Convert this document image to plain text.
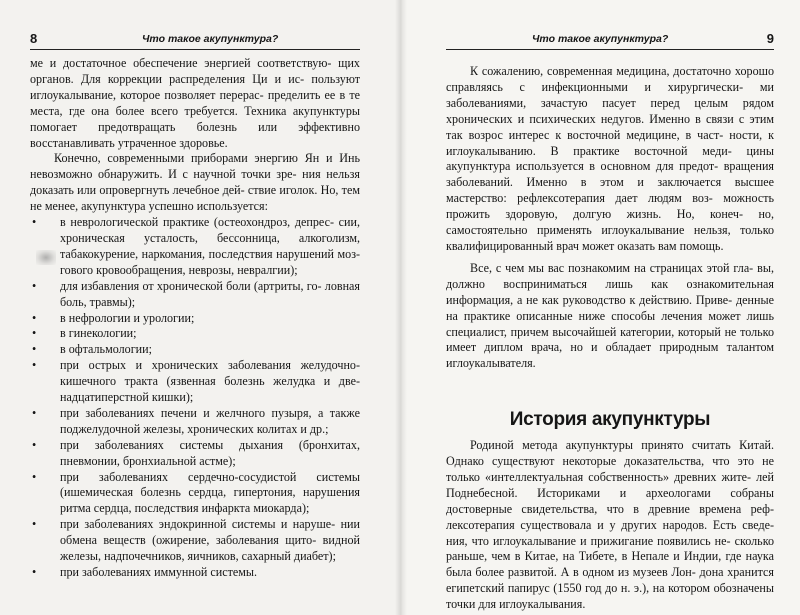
8	Что такое акупунктура?

ме и достаточное обеспечение энергией соответствую- щих органов. Для коррекции распределения Ци и ис- пользуют иглоукалывание, которое позволяет перерас- пределить ее в те места, где она более всего требуется. Техника акупунктуры помогает предотвращать болезнь или эффективно восстанавливать утраченное здоровье.

Конечно, современными приборами энергию Ян и Инь невозможно обнаружить. И с научной точки зре- ния нельзя доказать или опровергнуть лечебное дей- ствие иголок. Но, тем не менее, акупунктура успешно используется:

• в неврологической практике (остеохондроз, депрес- сии, хроническая усталость, бессонница, алкоголизм, табакокурение, наркомания, последствия нарушений моз- гового кровообращения, неврозы, невралгии);
• для избавления от хронической боли (артриты, го- ловная боль, травмы);
• в нефрологии и урологии;
• в гинекологии;
• в офтальмологии;
• при острых и хронических заболевания желудочно- кишечного тракта (язвенная болезнь желудка и две- надцатиперстной кишки);
• при заболеваниях печени и желчного пузыря, а также поджелудочной железы, хронических колитах и др.;
• при заболеваниях системы дыхания (бронхитах, пневмонии, бронхиальной астме);
• при заболеваниях сердечно-сосудистой системы (ишемическая болезнь сердца, гипертония, нарушения ритма сердца, последствия инфаркта миокарда);
• при заболеваниях эндокринной системы и наруше- нии обмена веществ (ожирение, заболевания щито- видной железы, надпочечников, яичников, сахарный диабет);
• при заболеваниях иммунной системы.
Что такое акупунктура?	9

К сожалению, современная медицина, достаточно хорошо справляясь с инфекционными и хирургически- ми заболеваниями, зачастую пасует перед целым рядом хронических и психических недугов. Именно в связи с этим так возрос интерес к восточной медицине, в част- ности, к иглоукалыванию. В практике восточной меди- цины акупунктура используется в основном для предот- вращения заболеваний. Именно в этом и заключается высшее мастерство: рефлексотерапия дает людям воз- можность прожить здоровую, долгую жизнь. Но, конеч- но, самостоятельно применять иглоукалывание нельзя, только квалифицированный врач может оказать вам помощь.

Все, с чем мы вас познакомим на страницах этой гла- вы, должно восприниматься лишь как ознакомительная информация, а не как руководство к действию. Приве- денные на практике описанные ниже способы лечения может лишь специалист, причем высочайшей категории, который не только имеет диплом врача, но и обладает природным талантом иглоукалывателя.

История акупунктуры

Родиной метода акупунктуры принято считать Китай. Однако существуют некоторые доказательства, что это не только «интеллектуальная собственность» древних жите- лей Поднебесной. Историками и археологами собраны достоверные свидетельства, что в древние времена реф- лексотерапия существовала и у других народов. Есть сведе- ния, что иглоукалывание и прижигание появились не- сколько раньше, чем в Китае, на Тибете, в Непале и Индии, где наука была более развитой. А в одном из музеев Лон- дона хранится египетский папирус (1550 год до н. э.), на котором обозначены точки для иглоукалывания.
